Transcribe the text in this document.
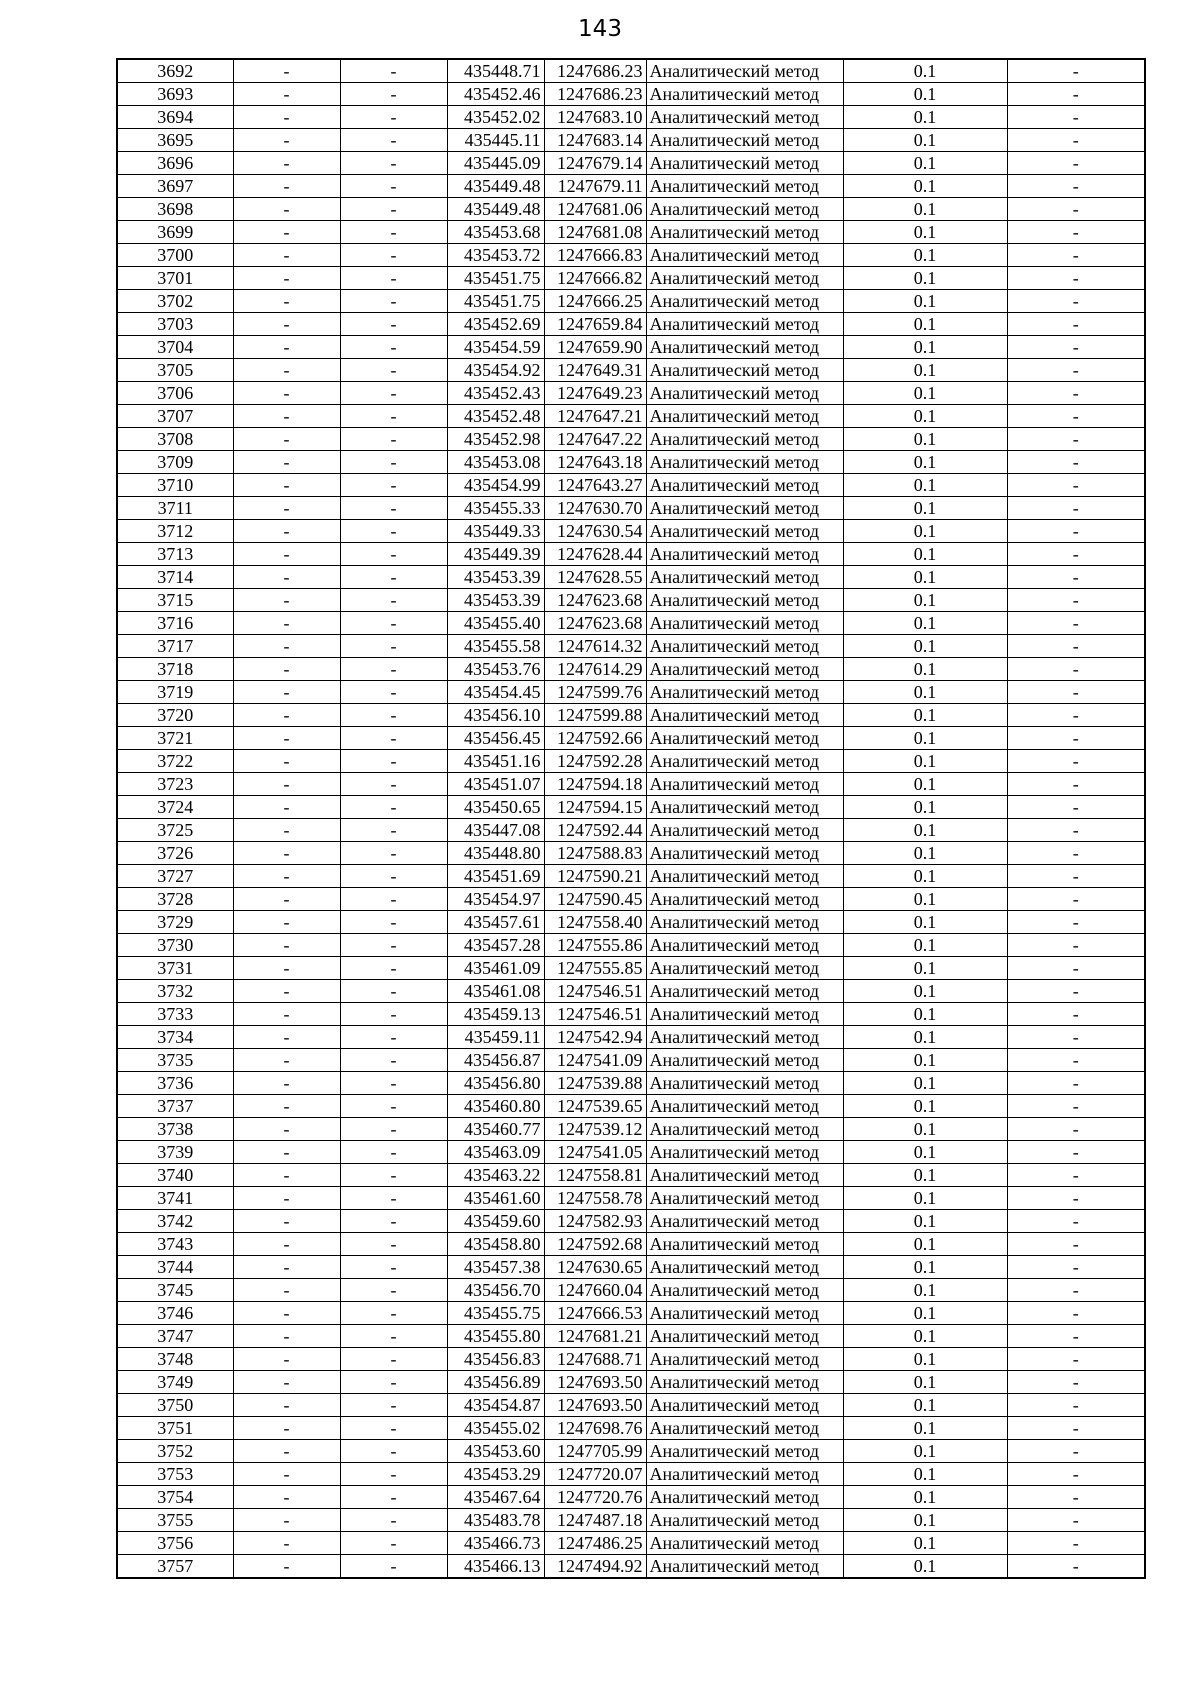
143
3692	-	-	435448.71	1247686.23	Аналитический метод	0.1	-
3693	-	-	435452.46	1247686.23	Аналитический метод	0.1	-
3694	-	-	435452.02	1247683.10	Аналитический метод	0.1	-
3695	-	-	435445.11	1247683.14	Аналитический метод	0.1	-
3696	-	-	435445.09	1247679.14	Аналитический метод	0.1	-
3697	-	-	435449.48	1247679.11	Аналитический метод	0.1	-
3698	-	-	435449.48	1247681.06	Аналитический метод	0.1	-
3699	-	-	435453.68	1247681.08	Аналитический метод	0.1	-
3700	-	-	435453.72	1247666.83	Аналитический метод	0.1	-
3701	-	-	435451.75	1247666.82	Аналитический метод	0.1	-
3702	-	-	435451.75	1247666.25	Аналитический метод	0.1	-
3703	-	-	435452.69	1247659.84	Аналитический метод	0.1	-
3704	-	-	435454.59	1247659.90	Аналитический метод	0.1	-
3705	-	-	435454.92	1247649.31	Аналитический метод	0.1	-
3706	-	-	435452.43	1247649.23	Аналитический метод	0.1	-
3707	-	-	435452.48	1247647.21	Аналитический метод	0.1	-
3708	-	-	435452.98	1247647.22	Аналитический метод	0.1	-
3709	-	-	435453.08	1247643.18	Аналитический метод	0.1	-
3710	-	-	435454.99	1247643.27	Аналитический метод	0.1	-
3711	-	-	435455.33	1247630.70	Аналитический метод	0.1	-
3712	-	-	435449.33	1247630.54	Аналитический метод	0.1	-
3713	-	-	435449.39	1247628.44	Аналитический метод	0.1	-
3714	-	-	435453.39	1247628.55	Аналитический метод	0.1	-
3715	-	-	435453.39	1247623.68	Аналитический метод	0.1	-
3716	-	-	435455.40	1247623.68	Аналитический метод	0.1	-
3717	-	-	435455.58	1247614.32	Аналитический метод	0.1	-
3718	-	-	435453.76	1247614.29	Аналитический метод	0.1	-
3719	-	-	435454.45	1247599.76	Аналитический метод	0.1	-
3720	-	-	435456.10	1247599.88	Аналитический метод	0.1	-
3721	-	-	435456.45	1247592.66	Аналитический метод	0.1	-
3722	-	-	435451.16	1247592.28	Аналитический метод	0.1	-
3723	-	-	435451.07	1247594.18	Аналитический метод	0.1	-
3724	-	-	435450.65	1247594.15	Аналитический метод	0.1	-
3725	-	-	435447.08	1247592.44	Аналитический метод	0.1	-
3726	-	-	435448.80	1247588.83	Аналитический метод	0.1	-
3727	-	-	435451.69	1247590.21	Аналитический метод	0.1	-
3728	-	-	435454.97	1247590.45	Аналитический метод	0.1	-
3729	-	-	435457.61	1247558.40	Аналитический метод	0.1	-
3730	-	-	435457.28	1247555.86	Аналитический метод	0.1	-
3731	-	-	435461.09	1247555.85	Аналитический метод	0.1	-
3732	-	-	435461.08	1247546.51	Аналитический метод	0.1	-
3733	-	-	435459.13	1247546.51	Аналитический метод	0.1	-
3734	-	-	435459.11	1247542.94	Аналитический метод	0.1	-
3735	-	-	435456.87	1247541.09	Аналитический метод	0.1	-
3736	-	-	435456.80	1247539.88	Аналитический метод	0.1	-
3737	-	-	435460.80	1247539.65	Аналитический метод	0.1	-
3738	-	-	435460.77	1247539.12	Аналитический метод	0.1	-
3739	-	-	435463.09	1247541.05	Аналитический метод	0.1	-
3740	-	-	435463.22	1247558.81	Аналитический метод	0.1	-
3741	-	-	435461.60	1247558.78	Аналитический метод	0.1	-
3742	-	-	435459.60	1247582.93	Аналитический метод	0.1	-
3743	-	-	435458.80	1247592.68	Аналитический метод	0.1	-
3744	-	-	435457.38	1247630.65	Аналитический метод	0.1	-
3745	-	-	435456.70	1247660.04	Аналитический метод	0.1	-
3746	-	-	435455.75	1247666.53	Аналитический метод	0.1	-
3747	-	-	435455.80	1247681.21	Аналитический метод	0.1	-
3748	-	-	435456.83	1247688.71	Аналитический метод	0.1	-
3749	-	-	435456.89	1247693.50	Аналитический метод	0.1	-
3750	-	-	435454.87	1247693.50	Аналитический метод	0.1	-
3751	-	-	435455.02	1247698.76	Аналитический метод	0.1	-
3752	-	-	435453.60	1247705.99	Аналитический метод	0.1	-
3753	-	-	435453.29	1247720.07	Аналитический метод	0.1	-
3754	-	-	435467.64	1247720.76	Аналитический метод	0.1	-
3755	-	-	435483.78	1247487.18	Аналитический метод	0.1	-
3756	-	-	435466.73	1247486.25	Аналитический метод	0.1	-
3757	-	-	435466.13	1247494.92	Аналитический метод	0.1	-
